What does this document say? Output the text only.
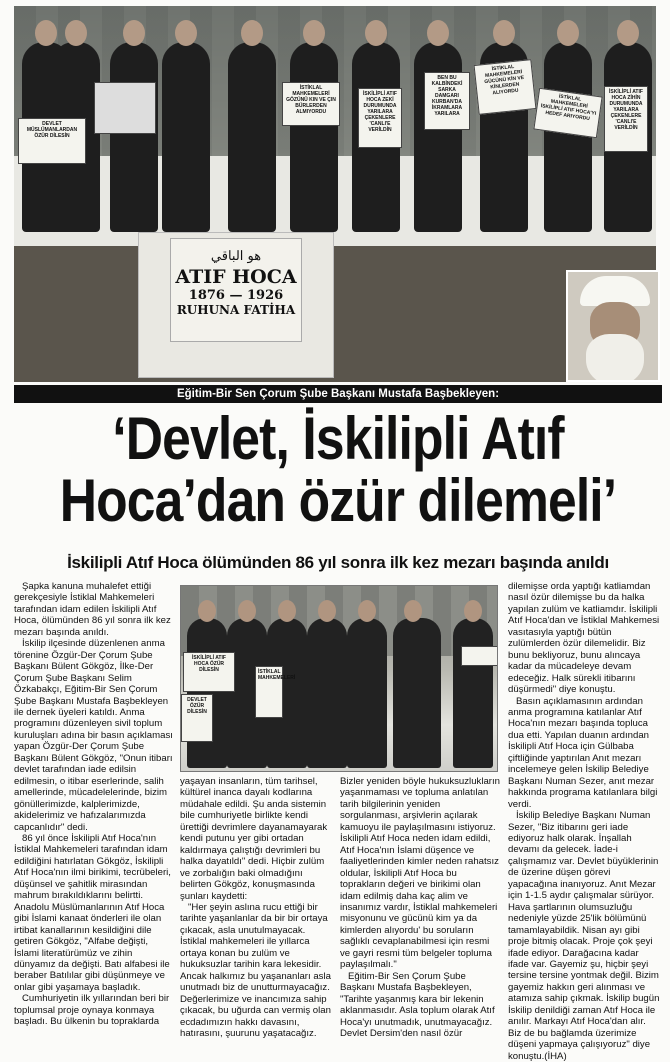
DEVLET MÜSLÜMANLARDAN ÖZÜR DİLESİN
İSTİKLAL MAHKEMELERİ GÖZÜNÜ KIN VE ÇIN BÜRLERDEN ALMIYORDU
İSKİLİPLİ ATIF HOCA ZEKİ DURUMUNDA YARILARA ÇEKENLERE 'CANLI'E VERİLDİN
BEN BU KALBİNDEKİ SARKA DAMGARI KURBAN'DA İKRAMLARA YARILARA
İSTİKLAL MAHKEMELERİ GÜCÜNÜ KİN VE KİNLERDEN ALIYORDU
İSTİKLAL MAHKEMELERİ İSKİLİPLİ ATIF HOCA'YI HEDEF ARIYORDU
İSKİLİPLİ ATIF HOCA ZİHİN DURUMUNDA YARILARA ÇEKENLERE 'CANLI'E VERİLDİN
هو الباقي
ATIF HOCA
1876 — 1926
RUHUNA FATİHA
Eğitim-Bir Sen Çorum Şube Başkanı Mustafa Başbekleyen:
‘Devlet, İskilipli Atıf
Hoca’dan özür dilemeli’
İskilipli Atıf Hoca ölümünden 86 yıl sonra ilk kez mezarı başında anıldı
İSKİLİPLİ ATIF HOCA ÖZÜR DİLESİN	İSTİKLAL MAHKEMELERİ
DEVLET ÖZÜR DİLESİN

Şapka kanuna muhalefet ettiği gerekçesiyle İstiklal Mahkemeleri tarafından idam edilen İskilipli Atıf Hoca, ölümünden 86 yıl sonra ilk kez mezarı başında anıldı.

İskilip ilçesinde düzenlenen anma törenine Özgür-Der Çorum Şube Başkanı Bülent Gökgöz, İlke-Der Çorum Şube Başkanı Selim Özkabakçı, Eğitim-Bir Sen Çorum Şube Başkanı Mustafa Başbekleyen ile dernek üyeleri katıldı. Anma programını düzenleyen sivil toplum kuruluşları adına bir basın açıklaması yapan Özgür-Der Çorum Şube Başkanı Bülent Gökgöz, "Onun itibarı devlet tarafından iade edilsin edilmesin, o itibar eserlerinde, salih amellerinde, mücadelelerinde, bizim gönüllerimizde, kalplerimizde, akidelerimiz ve hafızalarımızda capcanlıdır" dedi.

86 yıl önce İskilipli Atıf Hoca'nın İstiklal Mahkemeleri tarafından idam edildiğini hatırlatan Gökgöz, İskilipli Atıf Hoca'nın ilmi birikimi, tecrübeleri, düşünsel ve şahitlik mirasından mahrum bırakıldıklarını belirtti. Anadolu Müslümanlarının Atıf Hoca gibi İslami kanaat önderleri ile olan irtibat kanallarının kesildiğini dile getiren Gökgöz, "Alfabe değişti, İslami literatürümüz ve zihin dünyamız da değişti. Batı alfabesi ile beraber Batılılar gibi düşünmeye ve onlar gibi yaşamaya başladık.

Cumhuriyetin ilk yıllarından beri bir toplumsal proje oynaya konmaya başladı. Bu ülkenin bu topraklarda

yaşayan insanların, tüm tarihsel, kültürel inanca dayalı kodlarına müdahale edildi. Şu anda sistemin bile cumhuriyetle birlikte kendi ürettiği devrimlere dayanamayarak kendi putunu yer gibi ortadan kaldırmaya çalıştığı devrimleri bu halka dayatıldı" dedi. Hiçbir zulüm ve zorbalığın baki olmadığını belirten Gökgöz, konuşmasında şunları kaydetti:

"Her şeyin aslına rucu ettiği bir tarihte yaşanlanlar da bir bir ortaya çıkacak, asla unutulmayacak. İstiklal mahkemeleri ile yıllarca ortaya konan bu zulüm ve hukuksuzlar tarihin kara lekesidir. Ancak halkımız bu yaşananları asla unutmadı biz de unutturmayacağız. Değerlerimize ve inancımıza sahip çıkacak, bu uğurda can vermiş olan ecdadımızın hakkı davasını, hatırasını, şuurunu yaşatacağız.

Bizler yeniden böyle hukuksuzlukların yaşanmaması ve topluma anlatılan tarih bilgilerinin yeniden sorgulanması, arşivlerin açılarak kamuoyu ile paylaşılmasını istiyoruz. İskilipli Atıf Hoca neden idam edildi, Atıf Hoca'nın İslami düşence ve faaliyetlerinden kimler neden rahatsız oldular, İskilipli Atıf Hoca bu toprakların değeri ve birikimi olan idam edilmiş daha kaç alim ve insanımız vardır, İstiklal mahkemeleri misyonunu ve gücünü kim ya da kimlerden alıyordu' bu soruların sağlıklı cevaplanabilmesi için resmi ve gayri resmi tüm belgeler topluma paylaşılmalı."

Eğitim-Bir Sen Çorum Şube Başkanı Mustafa Başbekleyen, "Tarihte yaşanmış kara bir lekenin aklanmasıdır. Asla toplum olarak Atıf Hoca'yı unutmadık, unutmayacağız. Devlet Dersim'den nasıl özür

dilemişse orda yaptığı katliamdan nasıl özür dilemişse bu da halka yapılan zulüm ve katliamdır. İskilipli Atıf Hoca'dan ve İstiklal Mahkemesi vasıtasıyla yaptığı bütün zulümlerden özür dilemelidir. Biz bunu bekliyoruz, bunu alıncaya kadar da mücadeleye devam edeceğiz. Halk sürekli itibarını düşürmedi" diye konuştu.

Basın açıklamasının ardından anma programına katılanlar Atıf Hoca'nın mezarı başında topluca dua etti. Yapılan duanın ardından İskilipli Atıf Hoca için Gülbaba çiftliğinde yaptırılan Anıt mezarı incelemeye gelen İskilip Belediye Başkanı Numan Sezer, anıt mezar hakkında programa katılanlara bilgi verdi.

İskilip Belediye Başkanı Numan Sezer, "Biz itibarını geri iade ediyoruz halk olarak. İnşallah devamı da gelecek. İade-i çalışmamız var. Devlet büyüklerinin de üzerine düşen görevi yapacağına inanıyoruz. Anıt Mezar için 1-1.5 aydır çalışmalar sürüyor. Hava şartlarının olumsuzluğu nedeniyle yüzde 25'lik bölümünü tamamlayabildik. Nisan ayı gibi proje bitmiş olacak. Proje çok şeyi ifade ediyor. Darağacına kadar ifade var. Gayemiz şu, hiçbir şeyi tersine tersine yontmak değil. Bizim gayemiz hakkın geri alınması ve atamıza sahip çıkmak. İskilip bugün İskilip denildiği zaman Atıf Hoca ile anılır. Markayı Atıf Hoca'dan alır. Biz de bu bağlamda üzerimize düşeni yapmaya çalışıyoruz" diye konuştu.(İHA)
